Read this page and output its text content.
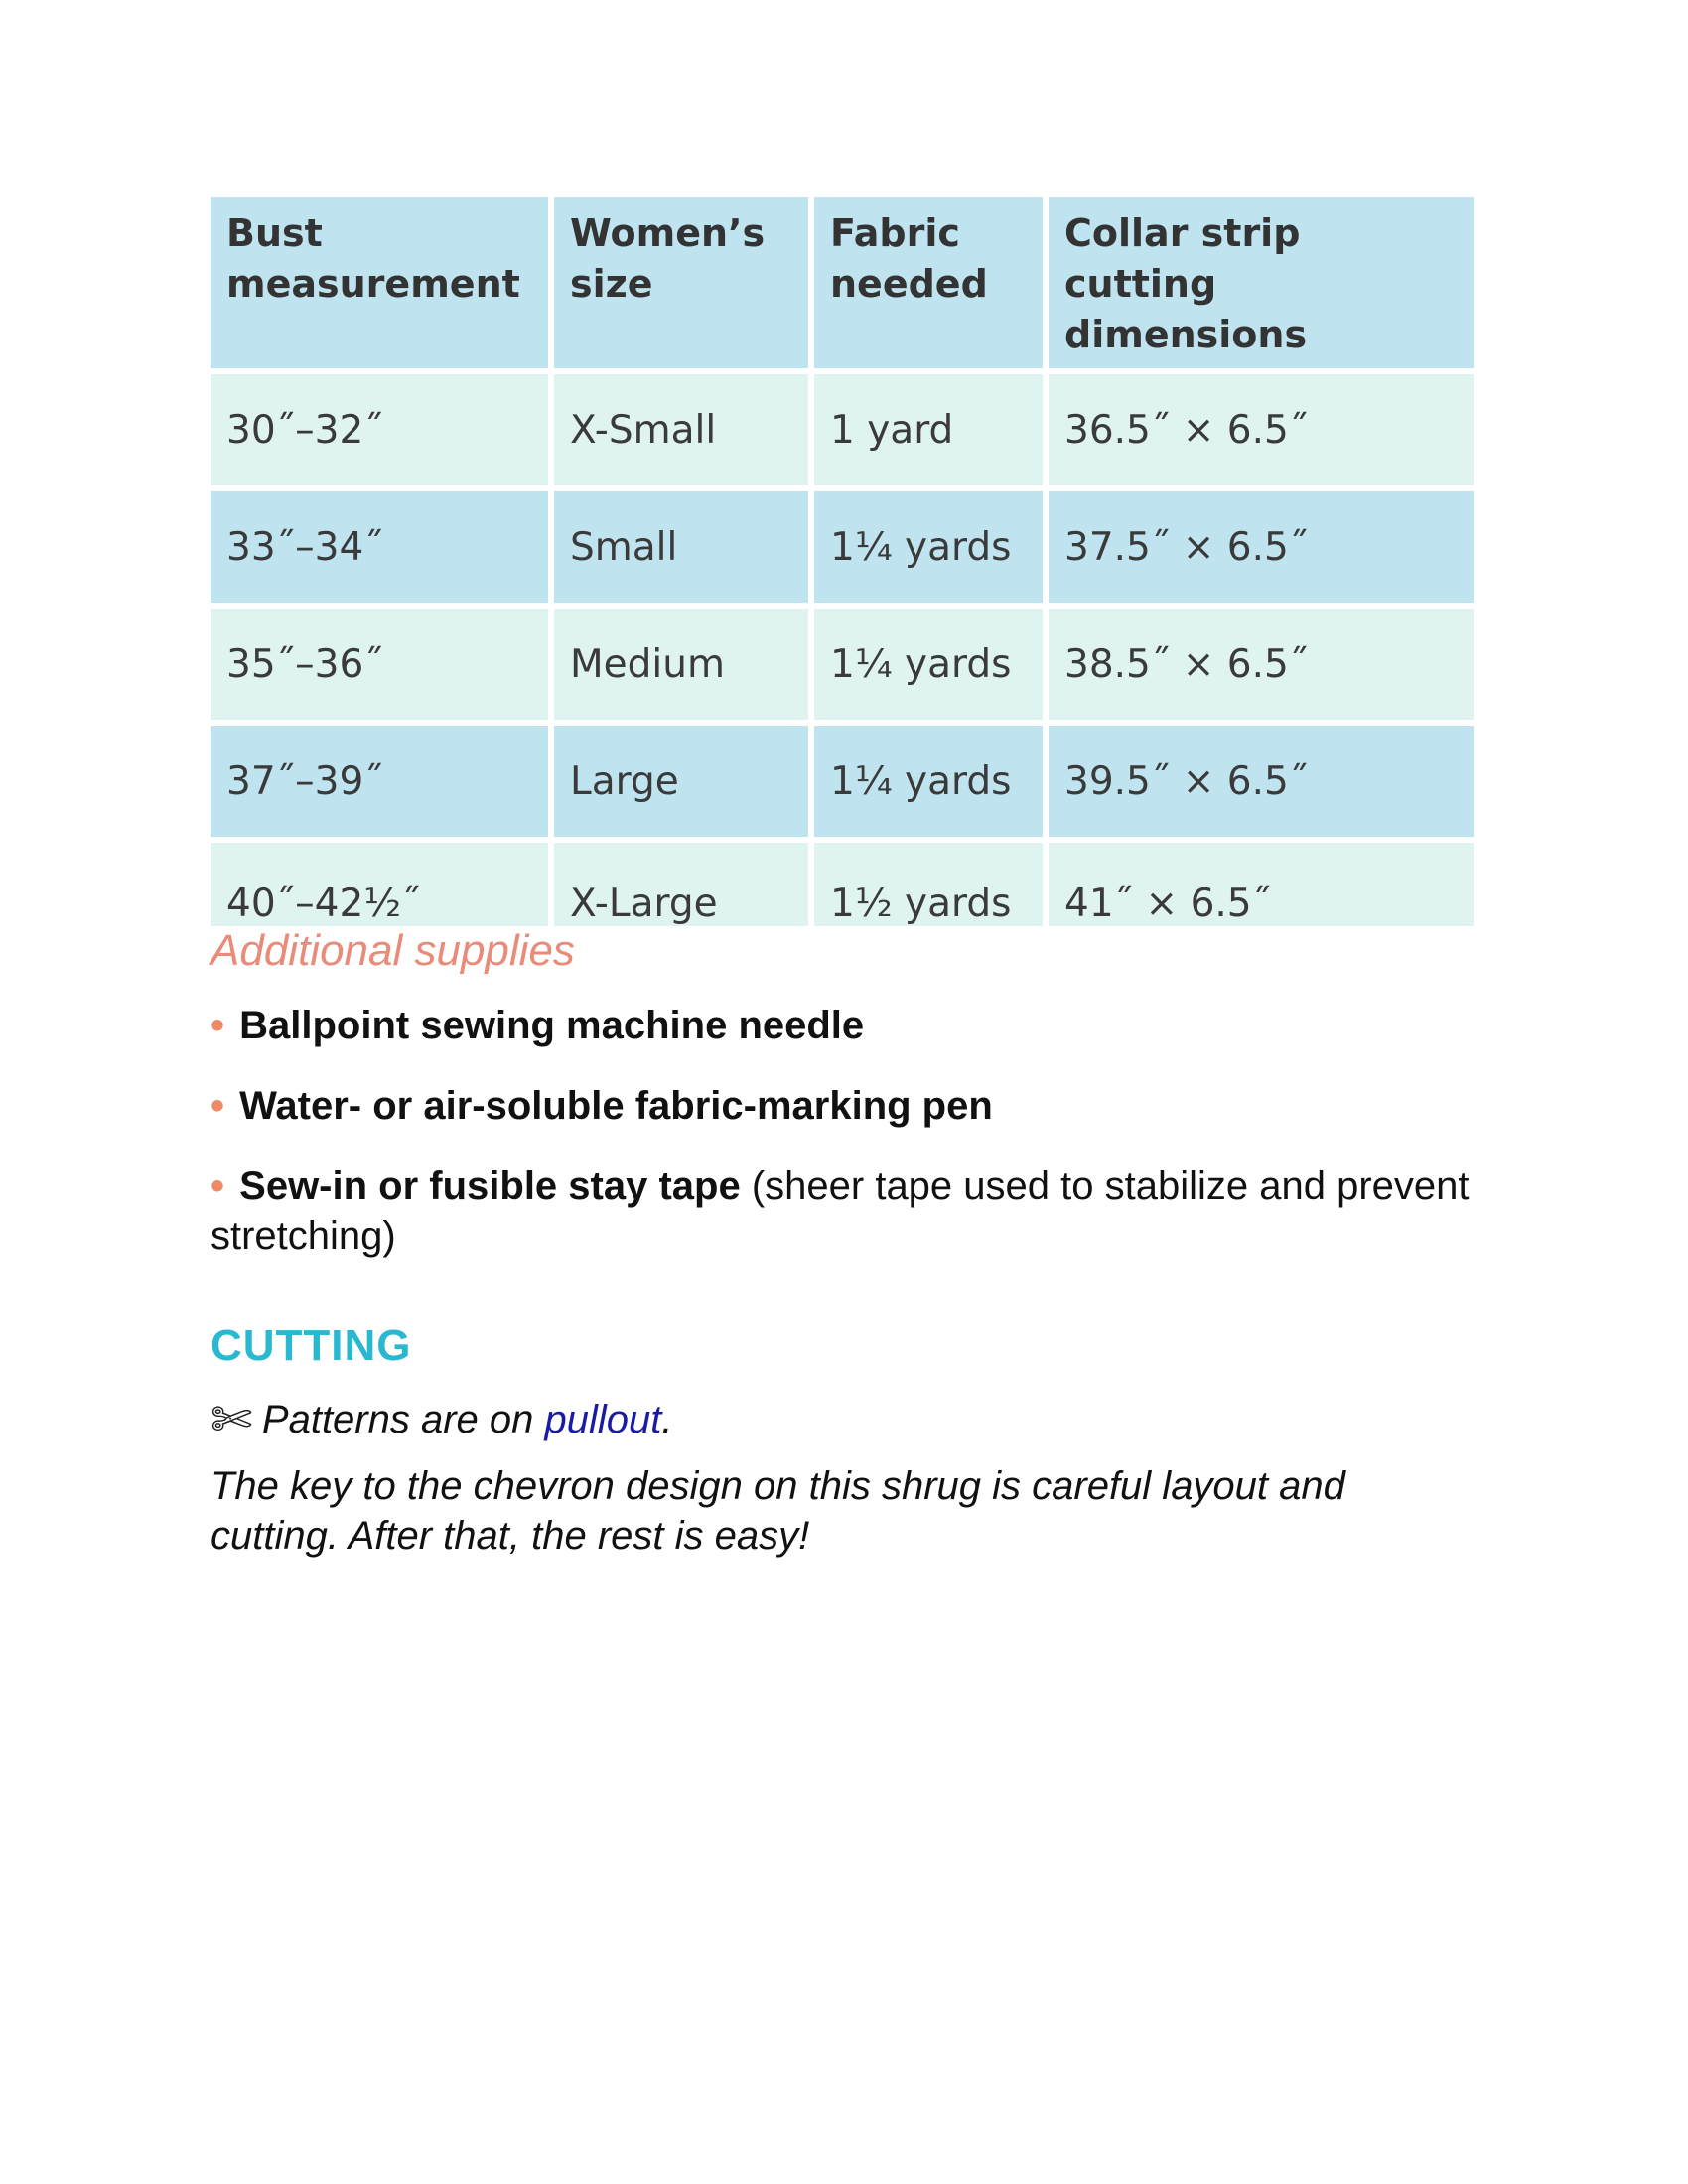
Bust measurement	Women’s size	Fabric needed	Collar strip cutting dimensions
30˝–32˝	X-Small	1 yard	36.5˝ × 6.5˝
33˝–34˝	Small	1¼ yards	37.5˝ × 6.5˝
35˝–36˝	Medium	1¼ yards	38.5˝ × 6.5˝
37˝–39˝	Large	1¼ yards	39.5˝ × 6.5˝
40˝–42½˝	X-Large	1½ yards	41˝ × 6.5˝
Additional supplies
• Ballpoint sewing machine needle
• Water- or air-soluble fabric-marking pen
• Sew-in or fusible stay tape (sheer tape used to stabilize and prevent stretching)
CUTTING

✄ Patterns are on pullout .

The key to the chevron design on this shrug is careful layout and cutting. After that, the rest is easy!
